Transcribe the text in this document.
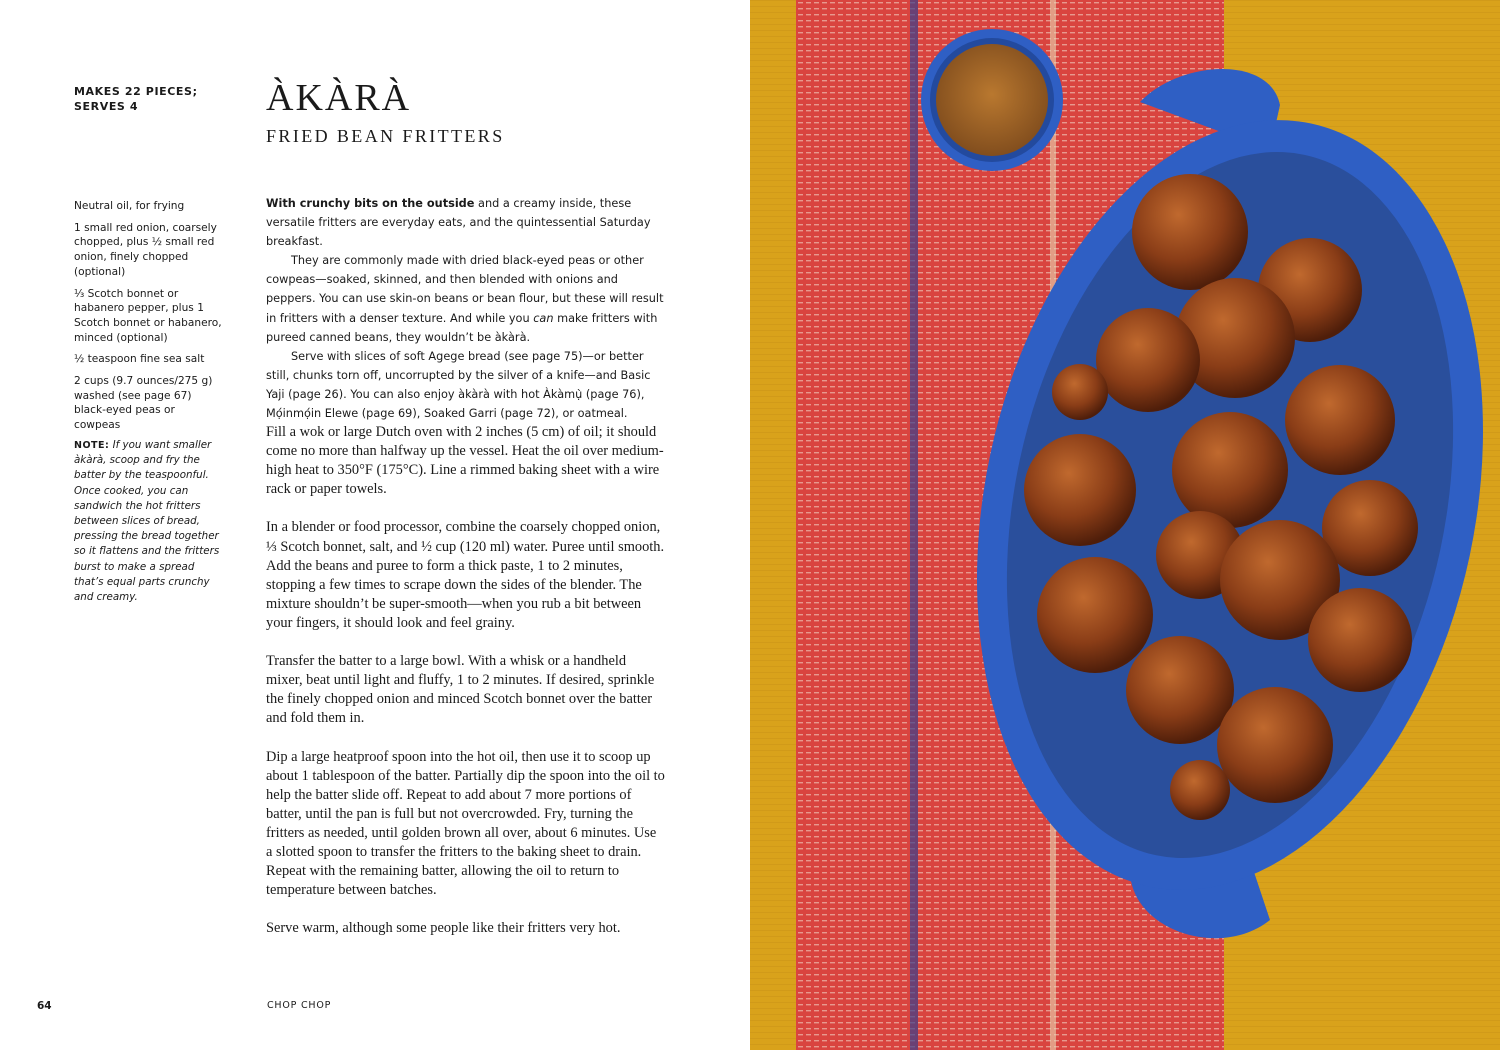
MAKES 22 PIECES;
SERVES 4	ÀKÀRÀ
FRIED BEAN FRITTERS
Neutral oil, for frying
1 small red onion, coarsely chopped, plus ½ small red onion, finely chopped (optional)
⅓ Scotch bonnet or habanero pepper, plus 1 Scotch bonnet or habanero, minced (optional)
½ teaspoon fine sea salt
2 cups (9.7 ounces/275 g) washed (see page 67) black-eyed peas or cowpeas

NOTE: If you want smaller àkàrà, scoop and fry the batter by the teaspoonful. Once cooked, you can sandwich the hot fritters between slices of bread, pressing the bread together so it flattens and the fritters burst to make a spread that’s equal parts crunchy and creamy.

With crunchy bits on the outside and a creamy inside, these versatile fritters are everyday eats, and the quintessential Saturday breakfast.

They are commonly made with dried black-eyed peas or other cowpeas—soaked, skinned, and then blended with onions and peppers. You can use skin-on beans or bean flour, but these will result in fritters with a denser texture. And while you can make fritters with pureed canned beans, they wouldn’t be àkàrà.

Serve with slices of soft Agege bread (see page 75)—or better still, chunks torn off, uncorrupted by the silver of a knife—and Basic Yaji (page 26). You can also enjoy àkàrà with hot Àkàmụ̀ (page 76), Mọ́inmọ́in Elewe (page 69), Soaked Garri (page 72), or oatmeal.

Fill a wok or large Dutch oven with 2 inches (5 cm) of oil; it should come no more than halfway up the vessel. Heat the oil over medium-high heat to 350°F (175°C). Line a rimmed baking sheet with a wire rack or paper towels.

In a blender or food processor, combine the coarsely chopped onion, ⅓ Scotch bonnet, salt, and ½ cup (120 ml) water. Puree until smooth. Add the beans and puree to form a thick paste, 1 to 2 minutes, stopping a few times to scrape down the sides of the blender. The mixture shouldn’t be super-smooth—when you rub a bit between your fingers, it should look and feel grainy.

Transfer the batter to a large bowl. With a whisk or a handheld mixer, beat until light and fluffy, 1 to 2 minutes. If desired, sprinkle the finely chopped onion and minced Scotch bonnet over the batter and fold them in.

Dip a large heatproof spoon into the hot oil, then use it to scoop up about 1 tablespoon of the batter. Partially dip the spoon into the oil to help the batter slide off. Repeat to add about 7 more portions of batter, until the pan is full but not overcrowded. Fry, turning the fritters as needed, until golden brown all over, about 6 minutes. Use a slotted spoon to transfer the fritters to the baking sheet to drain. Repeat with the remaining batter, allowing the oil to return to temperature between batches.

Serve warm, although some people like their fritters very hot.

64	CHOP CHOP
